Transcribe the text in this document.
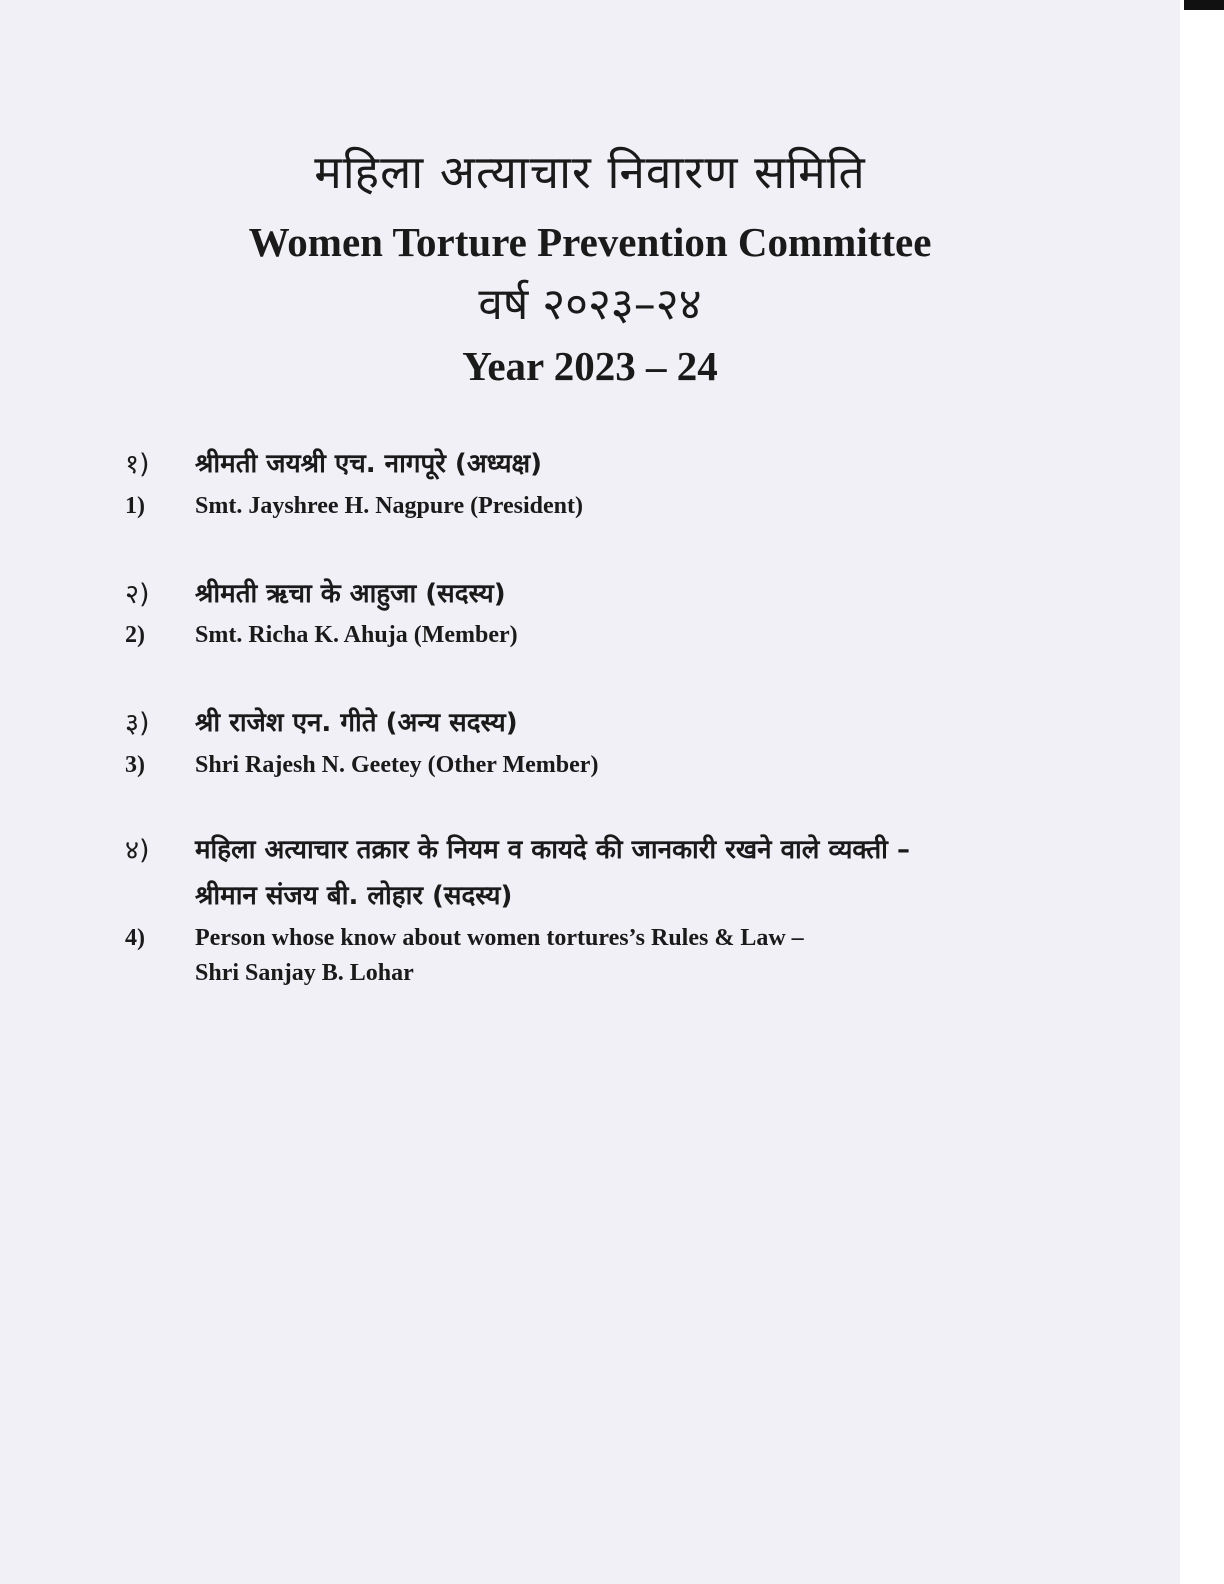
महिला अत्याचार निवारण समिति
Women Torture Prevention Committee
वर्ष २०२३–२४
Year 2023 – 24
१) श्रीमती जयश्री एच. नागपूरे (अध्यक्ष)
1) Smt. Jayshree H. Nagpure (President)
२) श्रीमती ऋचा के आहुजा (सदस्य)
2) Smt. Richa K. Ahuja (Member)
३) श्री राजेश एन. गीते (अन्य सदस्य)
3) Shri Rajesh N. Geetey (Other Member)
४) महिला अत्याचार तक्रार के नियम व कायदे की जानकारी रखने वाले व्यक्ती –
श्रीमान संजय बी. लोहार (सदस्य)
4) Person whose know about women tortures’s Rules & Law –
Shri Sanjay B. Lohar
